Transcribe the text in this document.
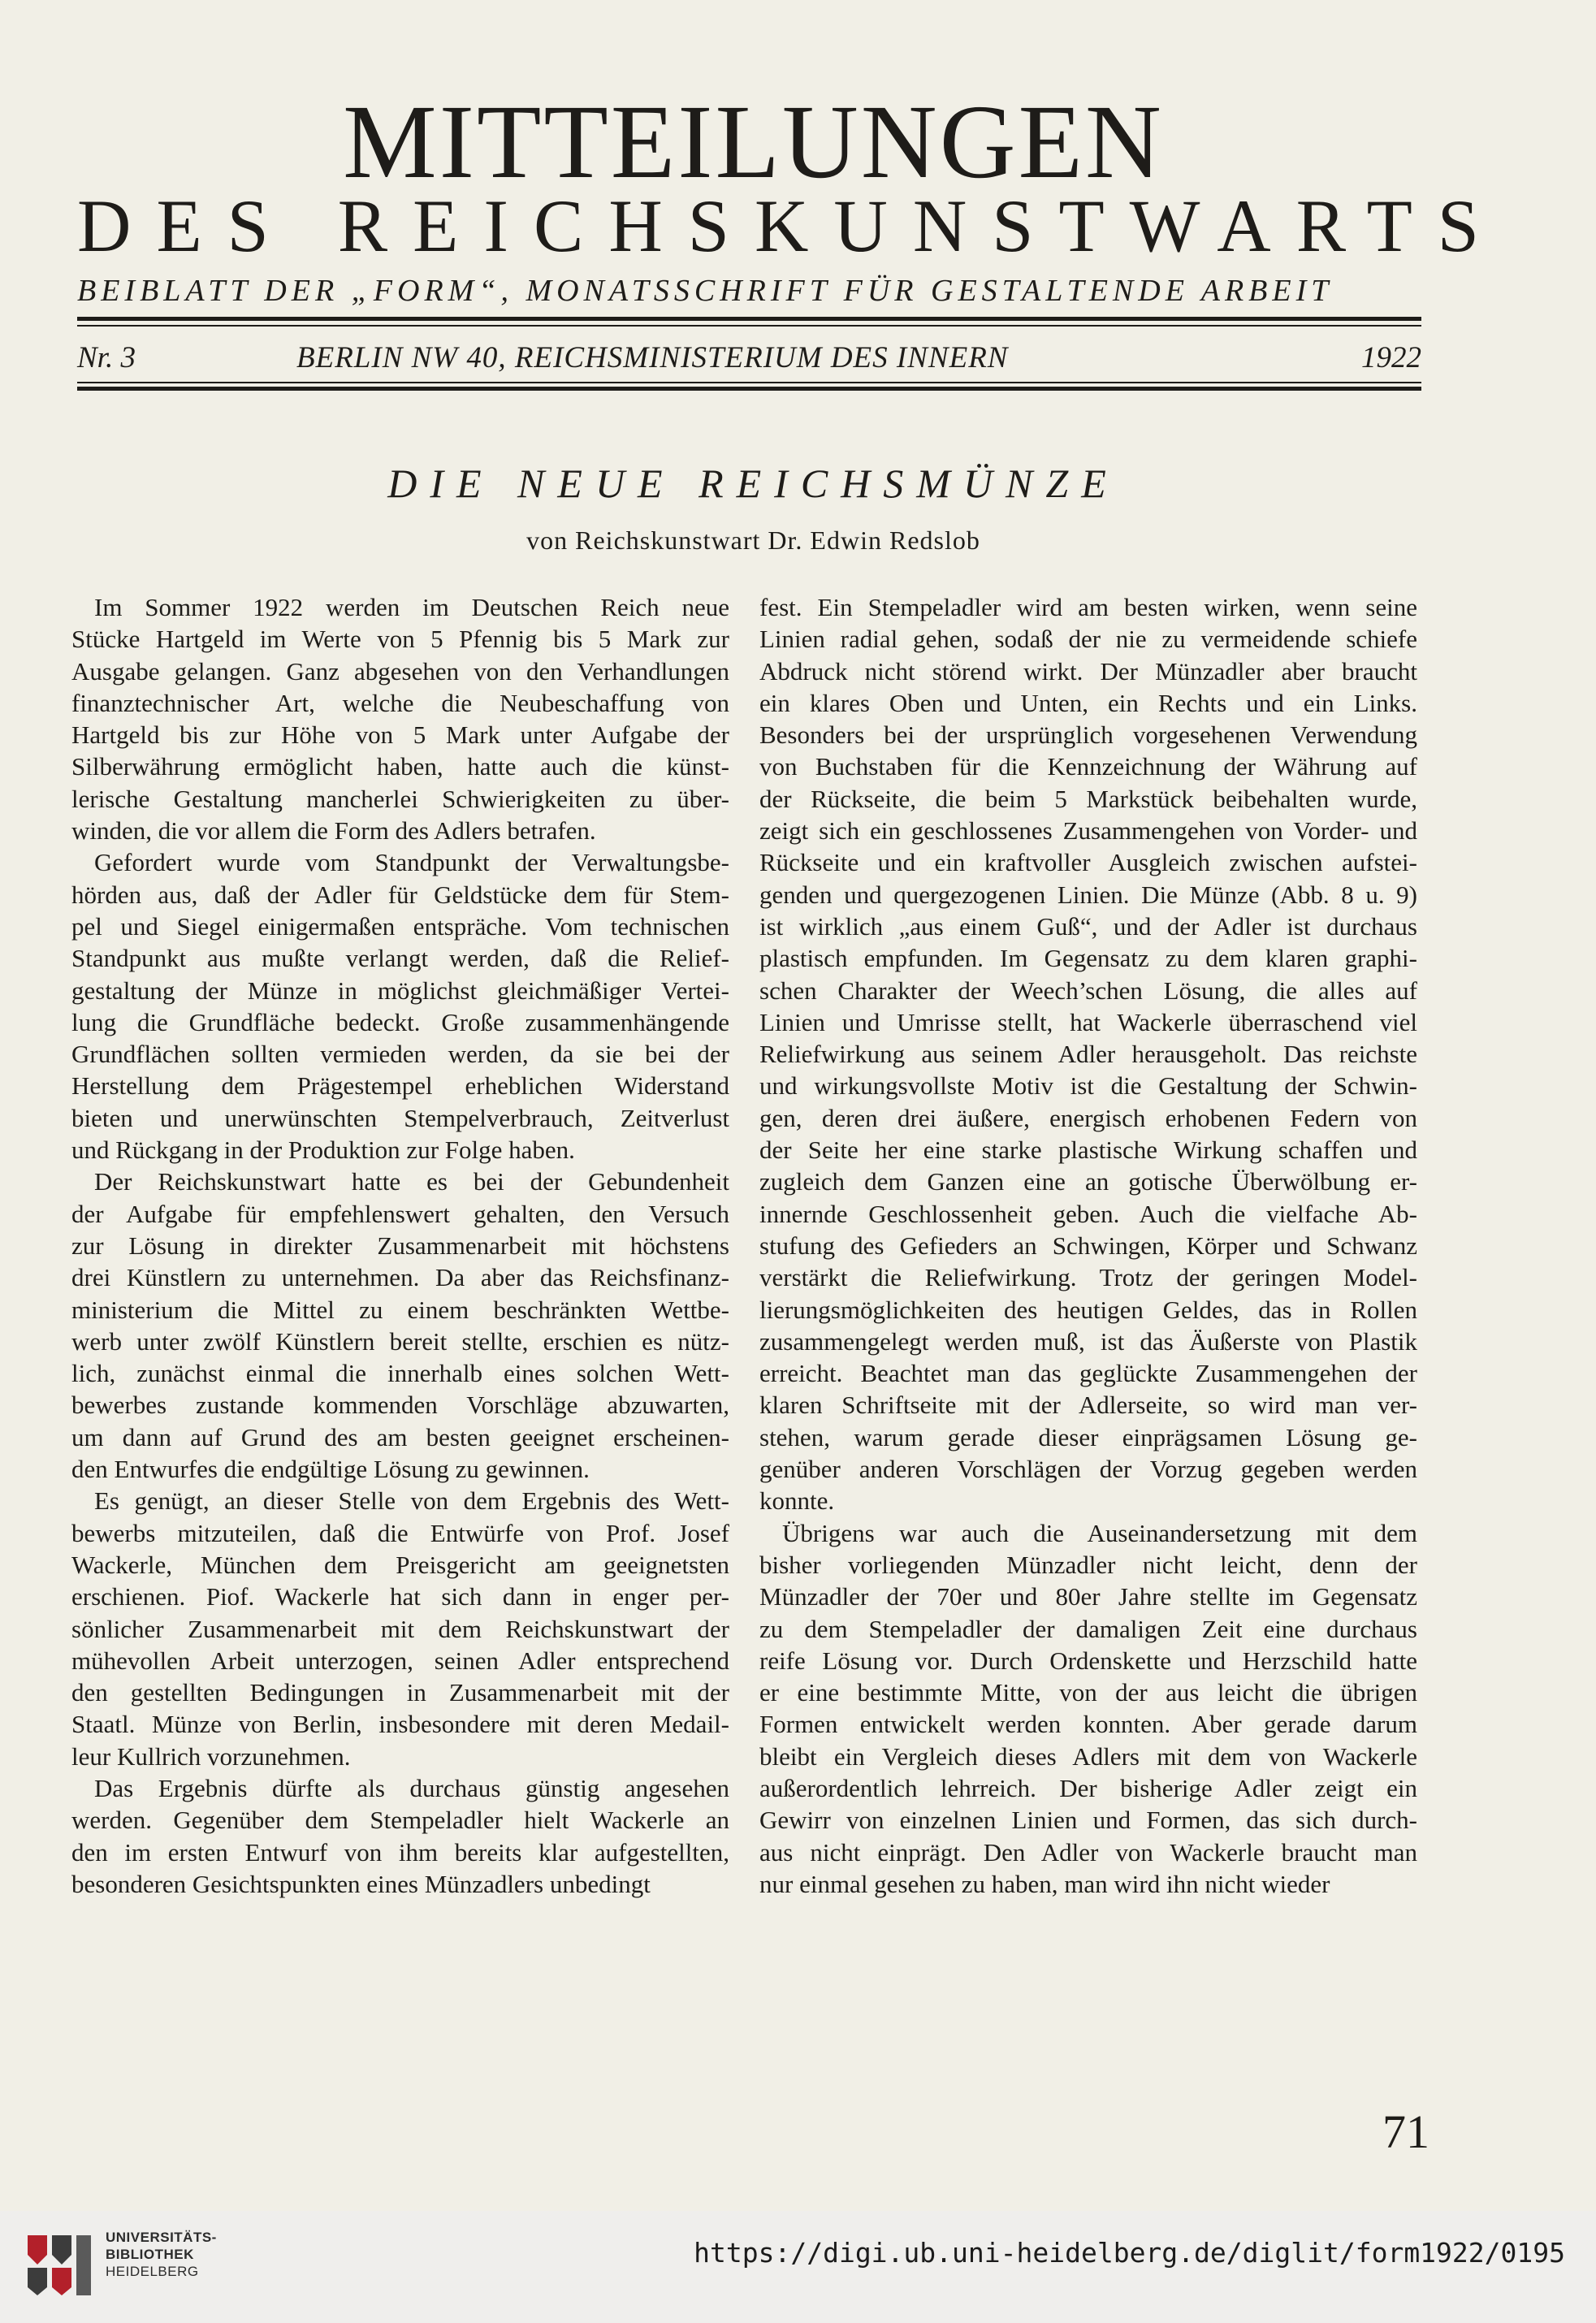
MITTEILUNGEN
DES REICHSKUNSTWARTS
BEIBLATT DER „FORM“, MONATSSCHRIFT FÜR GESTALTENDE ARBEIT
Nr. 3	BERLIN NW 40, REICHSMINISTERIUM DES INNERN	1922
DIE NEUE REICHSMÜNZE
von Reichskunstwart Dr. Edwin Redslob
Im Sommer 1922 werden im Deutschen Reich neue
Stücke Hartgeld im Werte von 5 Pfennig bis 5 Mark zur
Ausgabe gelangen. Ganz abgesehen von den Verhandlungen
finanztechnischer Art, welche die Neubeschaffung von
Hartgeld bis zur Höhe von 5 Mark unter Aufgabe der
Silberwährung ermöglicht haben, hatte auch die künst-
lerische Gestaltung mancherlei Schwierigkeiten zu über-
winden, die vor allem die Form des Adlers betrafen.
Gefordert wurde vom Standpunkt der Verwaltungsbe-
hörden aus, daß der Adler für Geldstücke dem für Stem-
pel und Siegel einigermaßen entspräche. Vom technischen
Standpunkt aus mußte verlangt werden, daß die Relief-
gestaltung der Münze in möglichst gleichmäßiger Vertei-
lung die Grundfläche bedeckt. Große zusammenhängende
Grundflächen sollten vermieden werden, da sie bei der
Herstellung dem Prägestempel erheblichen Widerstand
bieten und unerwünschten Stempelverbrauch, Zeitverlust
und Rückgang in der Produktion zur Folge haben.
Der Reichskunstwart hatte es bei der Gebundenheit
der Aufgabe für empfehlenswert gehalten, den Versuch
zur Lösung in direkter Zusammenarbeit mit höchstens
drei Künstlern zu unternehmen. Da aber das Reichsfinanz-
ministerium die Mittel zu einem beschränkten Wettbe-
werb unter zwölf Künstlern bereit stellte, erschien es nütz-
lich, zunächst einmal die innerhalb eines solchen Wett-
bewerbes zustande kommenden Vorschläge abzuwarten,
um dann auf Grund des am besten geeignet erscheinen-
den Entwurfes die endgültige Lösung zu gewinnen.
Es genügt, an dieser Stelle von dem Ergebnis des Wett-
bewerbs mitzuteilen, daß die Entwürfe von Prof. Josef
Wackerle, München dem Preisgericht am geeignetsten
erschienen. Piof. Wackerle hat sich dann in enger per-
sönlicher Zusammenarbeit mit dem Reichskunstwart der
mühevollen Arbeit unterzogen, seinen Adler entsprechend
den gestellten Bedingungen in Zusammenarbeit mit der
Staatl. Münze von Berlin, insbesondere mit deren Medail-
leur Kullrich vorzunehmen.
Das Ergebnis dürfte als durchaus günstig angesehen
werden. Gegenüber dem Stempeladler hielt Wackerle an
den im ersten Entwurf von ihm bereits klar aufgestellten,
besonderen Gesichtspunkten eines Münzadlers unbedingt
fest. Ein Stempeladler wird am besten wirken, wenn seine
Linien radial gehen, sodaß der nie zu vermeidende schiefe
Abdruck nicht störend wirkt. Der Münzadler aber braucht
ein klares Oben und Unten, ein Rechts und ein Links.
Besonders bei der ursprünglich vorgesehenen Verwendung
von Buchstaben für die Kennzeichnung der Währung auf
der Rückseite, die beim 5 Markstück beibehalten wurde,
zeigt sich ein geschlossenes Zusammengehen von Vorder- und
Rückseite und ein kraftvoller Ausgleich zwischen aufstei-
genden und quergezogenen Linien. Die Münze (Abb. 8 u. 9)
ist wirklich „aus einem Guß“, und der Adler ist durchaus
plastisch empfunden. Im Gegensatz zu dem klaren graphi-
schen Charakter der Weech’schen Lösung, die alles auf
Linien und Umrisse stellt, hat Wackerle überraschend viel
Reliefwirkung aus seinem Adler herausgeholt. Das reichste
und wirkungsvollste Motiv ist die Gestaltung der Schwin-
gen, deren drei äußere, energisch erhobenen Federn von
der Seite her eine starke plastische Wirkung schaffen und
zugleich dem Ganzen eine an gotische Überwölbung er-
innernde Geschlossenheit geben. Auch die vielfache Ab-
stufung des Gefieders an Schwingen, Körper und Schwanz
verstärkt die Reliefwirkung. Trotz der geringen Model-
lierungsmöglichkeiten des heutigen Geldes, das in Rollen
zusammengelegt werden muß, ist das Äußerste von Plastik
erreicht. Beachtet man das geglückte Zusammengehen der
klaren Schriftseite mit der Adlerseite, so wird man ver-
stehen, warum gerade dieser einprägsamen Lösung ge-
genüber anderen Vorschlägen der Vorzug gegeben werden
konnte.
Übrigens war auch die Auseinandersetzung mit dem
bisher vorliegenden Münzadler nicht leicht, denn der
Münzadler der 70er und 80er Jahre stellte im Gegensatz
zu dem Stempeladler der damaligen Zeit eine durchaus
reife Lösung vor. Durch Ordenskette und Herzschild hatte
er eine bestimmte Mitte, von der aus leicht die übrigen
Formen entwickelt werden konnten. Aber gerade darum
bleibt ein Vergleich dieses Adlers mit dem von Wackerle
außerordentlich lehrreich. Der bisherige Adler zeigt ein
Gewirr von einzelnen Linien und Formen, das sich durch-
aus nicht einprägt. Den Adler von Wackerle braucht man
nur einmal gesehen zu haben, man wird ihn nicht wieder
71
UNIVERSITÄTS-
BIBLIOTHEK
HEIDELBERG
https://digi.ub.uni-heidelberg.de/diglit/form1922/0195
